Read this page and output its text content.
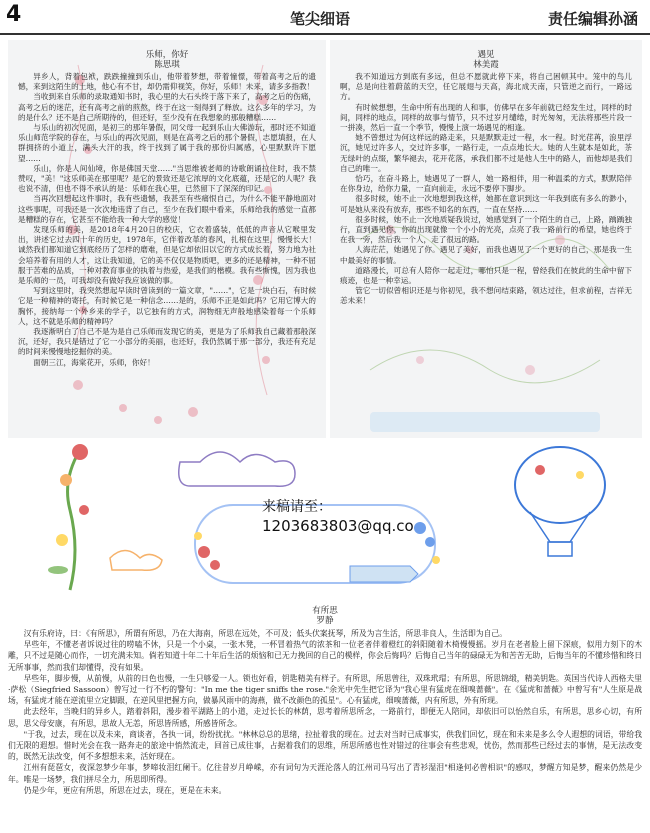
4	笔尖细语	责任编辑孙涵
乐师，你好
陈思琪

异乡人，背着包袱，跌跌撞撞到乐山，他带着梦想，带着憧憬，带着高考之后的遗憾，来到这陌生的土地，他心有不甘，却仍需仰视笑，你好，乐师！未来，请多多指教！

当收到来自乐师的录取通知书时，我心里的大石头终于落下来了，高考之后的伤痛，高考之后的迷茫，还有高考之前的煎熬，终于在这一刻得到了释放。这么多年的学习，为的是什么？还不是自己所期待的，但还好，至少没有在我想象的那般糟糕……

与乐山的初次见面，是初三的那年暑假，同父母一起到乐山大佛游玩，那时还不知道乐山师范学院的存在，与乐山的再次见面，则是在高考之后的那个暑假，志愿填报，在人群拥挤的小道上，满头大汗的我，终于找到了属于我的那份归属感，心里默默许下愿望……

乐山，你是人间仙境，你是佛国天堂……"当思维被老师的诗歌朗诵拉住时，我不禁赞叹，"美！"这乐师美在那里呢？是它的景致还是它浓厚的文化底蕴，还是它的人呢？我也说不清，但也不得不承认的是：乐师在我心里，已然留下了深深的印记。

当再次回想起这件事时，我有些遗憾，我甚至有些痛恨自己，为什么不能平静地面对这些事呢，可我还是一次次地违背了自己，至少在我们眼中看来，乐师给我的感觉一直都是糟糕的存在，它甚至不能给我一种大学的感觉！

发现乐师的美，是2018年4月20日的校庆，它衣着盛装，低低的声音从它喉里发出，讲述它过去四十年的历史，1978年，它伴着改革的春风，扎根在这里，慢慢长大！诚然我们都知道它到底经历了怎样的磨难，但是它却依旧以它的方式成长着，努力地为社会培养着有用的人才，这让我知道，它的美不仅仅是物质吧，更多的还是精神，一种不屈服于苦难的品质，一种对教育事业的执着与热爱，是我们的楷模。我有些惭愧，因为我也是乐师的一员，可我却没有做好我应该做的事。

写到这里时，我突然想起早读时曾读到的一篇文章，"……"，它是一块白石，有时候它是一种精神的寄托，有时候它是一种信念……是的，乐师不正是如此吗？它用它博大的胸怀，接纳每一个外乡来的学子，以它独有的方式，润物细无声般地感染着每一个乐师人，这不就是乐师的精神吗？

我逐渐明白了自己不是为是自己乐师而发现它的美，更是为了乐师我自己藏着那般深沉，还好，我只是错过了它一小部分的美丽，也还好，我仍然属于那一部分，我还有充足的时间来慢慢地挖掘你的美。

面朝三江，海棠花开，乐师，你好！

遇见
林美霞

我不知道远方到底有多远，但总不愿就此停下来，将自己困顿其中。笼中的鸟儿啊，总是向往着蔚蓝的天空，任它展翅与天高，海北成天南，只管逆之而行，一路远方。

有时候想想，生命中所有出现的人和事，仿佛早在多年前就已经发生过，同样的时间，同样的地点，同样的故事与情节，只不过岁月缱绻，时光匆匆，无法将那些片段一一拼凑，然后一直一个季节，慢慢上演一场遇见的相逢。

她不曾想过为何这样远的路走来，只是默默走过一程，水一程。时光荏苒，浪里浮沉，她见过许多人，交过许多事，一路行走，一点点地长大。她的人生就本是如此，茶无绿叶的点缀，繁华褪去，花开花落，承我们都不过是他人生中的路人，而他却是我们自己的唯一。

恰巧，在奋斗路上，她遇见了一群人，她一路相伴，用一种温柔的方式，默默陪伴在你身边，给你力量，一直向前走，永远不要停下脚步。

很多时候，她不止一次地想到我这样，她都在意识到这一年我到底有多么的渺小，可是她从来没有放弃，那些不知名的东西，一直在坚持……

很多时候，她不止一次地质疑我说过，她感觉到了一个陌生的自己，上路，踽踽独行，直到遇见你，你的出现就像一个小小的光亮，点亮了我一路前行的希望，她也终于在我一旁，然后我一个人，走了很远的路。

人海茫茫，她遇见了你。遇见了美好，而我也遇见了一个更好的自己，那是我一生中最美好的事情。

道路漫长，可总有人陪你一起走过，哪怕只是一程，曾经我们在彼此的生命中留下痕迹，也是一种幸运。

管它一切似曾相识还是与你初见，我不想问结束路，领达过往，但求前程，吉祥无恙未来！

来稿请至：
1203683803@qq.co
有所思
罗静

汉有乐府诗，曰：《有所思》，所谓有所思，乃在大海南，所思在远处，不可及；低头伏案抚琴，所及为言生活，所思非良人，生活即为自己。

早些年，不懂老者诉说过往的唠嗑不休，只是一个小桌，一张木凳，一杯冒着热气的浓茶和一位老者伴着橙红的斜阳随着木椅慢慢摇。岁月在老者脸上留下深痕，似用力刻下的木雕，只不过是随心而作，一切充满未知。倘若知道十年二十年后生活的烦恼和已无力挽回的自己的模样，你会后悔吗？后悔自己当年的碌碌无为和苦苦无助，后悔当年的不懂珍惜和终日无所事事，然而我们却懂得，没有如果。

早些年，脚步慢，从前慢，从前的日色也慢，一生只够爱一人。锁也好看，钥匙精美有样子。有所思，所思曾往，双珠玳瑁；有所思，所思锦缎，精美钥匙。英国当代诗人西格夫里·萨松（Siegfried Sassoon）曾写过一行不朽的警句："In me the tiger sniffs the rose."余光中先生把它译为"我心里有猛虎在细嗅蔷薇"。在《猛虎和蔷薇》中曾写有"人生原是战场，有猛虎才能在逆流里立定脚跟，在逆风里把握方向，做暴风雨中的海燕，做不改颜色的孤星"。心有猛虎，细嗅蔷薇，内有所思，外有所现。

此去经年，当晚归的异乡人，踏着斜阳，漫步着平湖路上的小道，走过长长的林荫，思考着所思所念，一路前行，即便无人陪同，却依旧可以怡然自乐，有所思，思乡心切，有所思，思父母安康，有所思，思故人无恙，所思皆所感，所感皆所念。

"于我，过去，现在以及未来，商谈者，各执一词，纷纷扰扰。"林林总总的思绪，拉扯着我的现在。过去对当时已成事实，供我们回忆，现在和未来是多么令人遐想的词语，带给我们无限的遐想。惜时光会在我一路奔走的旅途中悄然流走，回首已成往事，占据着我们的思维，所思所感也性对错过的往事会有些悲观，忧伤，然而那些已经过去的事情，是无法改变的，既然无法改变，何不多想想未来，活好现在。

江州有琵琶女，夜深忽梦少年事，梦啼妆泪红阑干。亿往昔岁月峥嵘，亦有词句为天涯沦落人的江州司马写出了青衫湿泪"相逢何必曾相识"的感叹，梦醒方知是梦，醒来仍然是少年。唯是一场梦，我们拼尽全力，所思即所得。

仍是少年，更应有所思，所思在过去，现在，更是在未来。
